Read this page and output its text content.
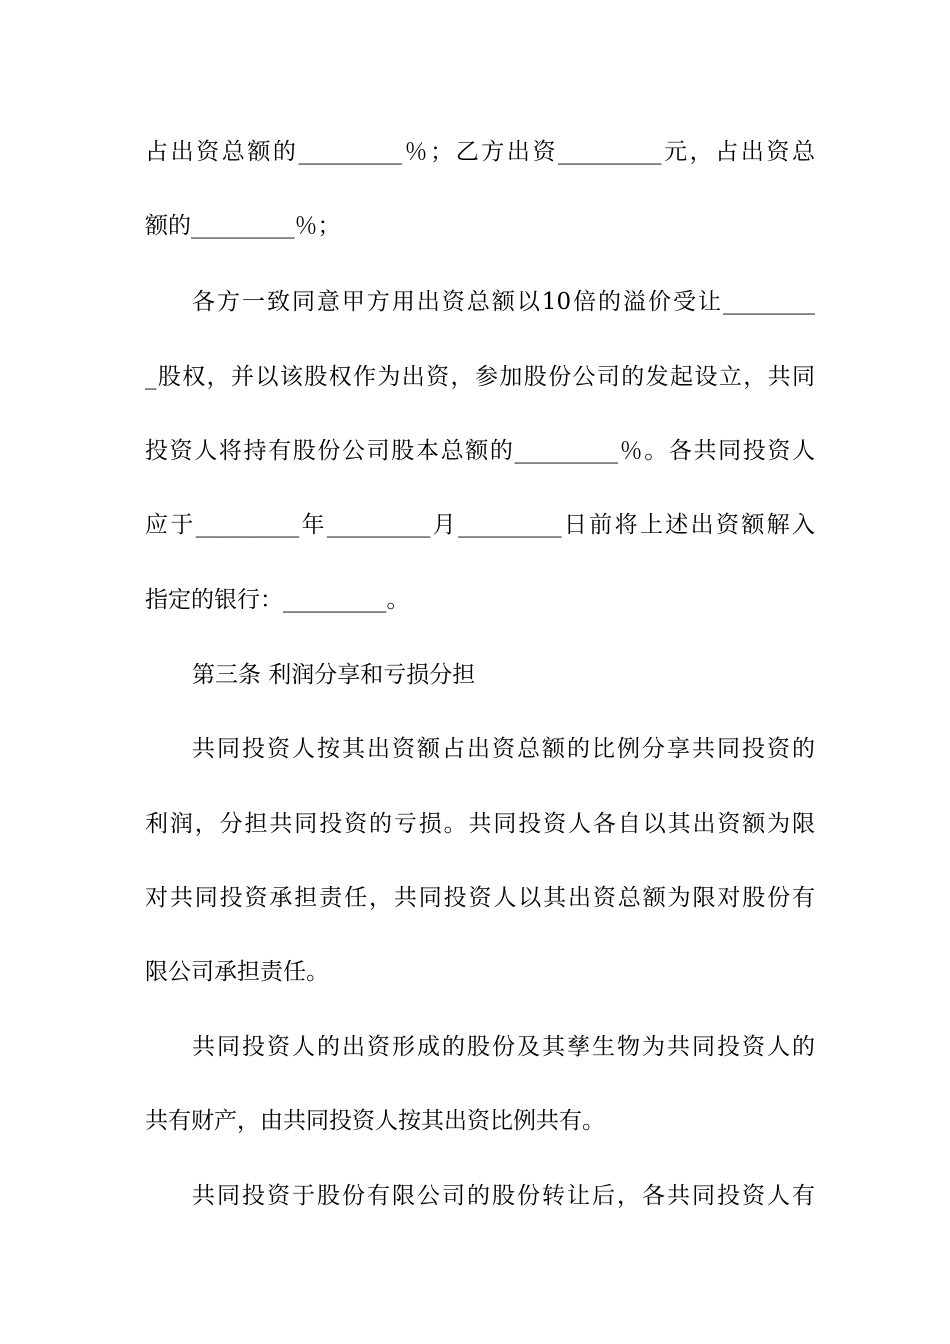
占出资总额的_________％；乙方出资_________元，占出资总
额的_________％；
各方一致同意甲方用出资总额以10倍的溢价受让________
_股权，并以该股权作为出资，参加股份公司的发起设立，共同
投资人将持有股份公司股本总额的_________％。各共同投资人
应于_________年_________月_________日前将上述出资额解入
指定的银行：_________。
第三条 利润分享和亏损分担
共同投资人按其出资额占出资总额的比例分享共同投资的
利润，分担共同投资的亏损。共同投资人各自以其出资额为限
对共同投资承担责任，共同投资人以其出资总额为限对股份有
限公司承担责任。
共同投资人的出资形成的股份及其孳生物为共同投资人的
共有财产，由共同投资人按其出资比例共有。
共同投资于股份有限公司的股份转让后，各共同投资人有
